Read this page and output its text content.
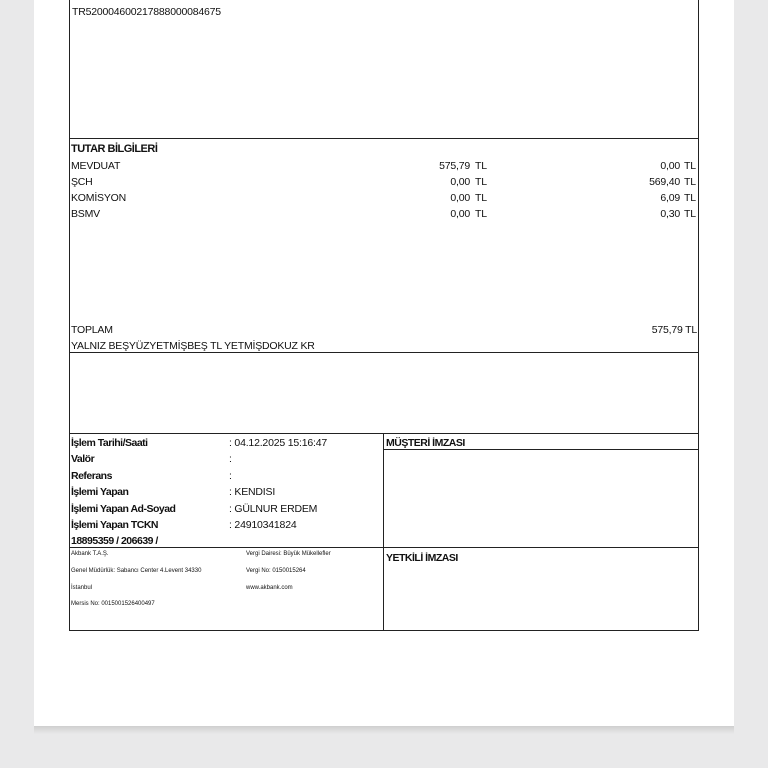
TR520004600217888000084675
TUTAR BİLGİLERİ
MEVDUAT	575,79 TL	0,00 TL
ŞCH	0,00 TL	569,40 TL
KOMİSYON	0,00 TL	6,09 TL
BSMV	0,00 TL	0,30 TL
TOPLAM	575,79 TL
YALNIZ BEŞYÜZYETMİŞBEŞ TL YETMİŞDOKUZ KR
MÜŞTERİ İMZASI
YETKİLİ İMZASI
İşlem Tarihi/Saati	: 04.12.2025 15:16:47
Valör	:
Referans	:
İşlemi Yapan	: KENDISI
İşlemi Yapan Ad-Soyad	: GÜLNUR ERDEM
İşlemi Yapan TCKN	: 24910341824
18895359 / 206639 /
Akbank T.A.Ş.
Genel Müdürlük: Sabancı Center 4.Levent 34330
İstanbul
Mersis No: 0015001526400497
Vergi Dairesi: Büyük Mükellefler
Vergi No: 0150015264
www.akbank.com
